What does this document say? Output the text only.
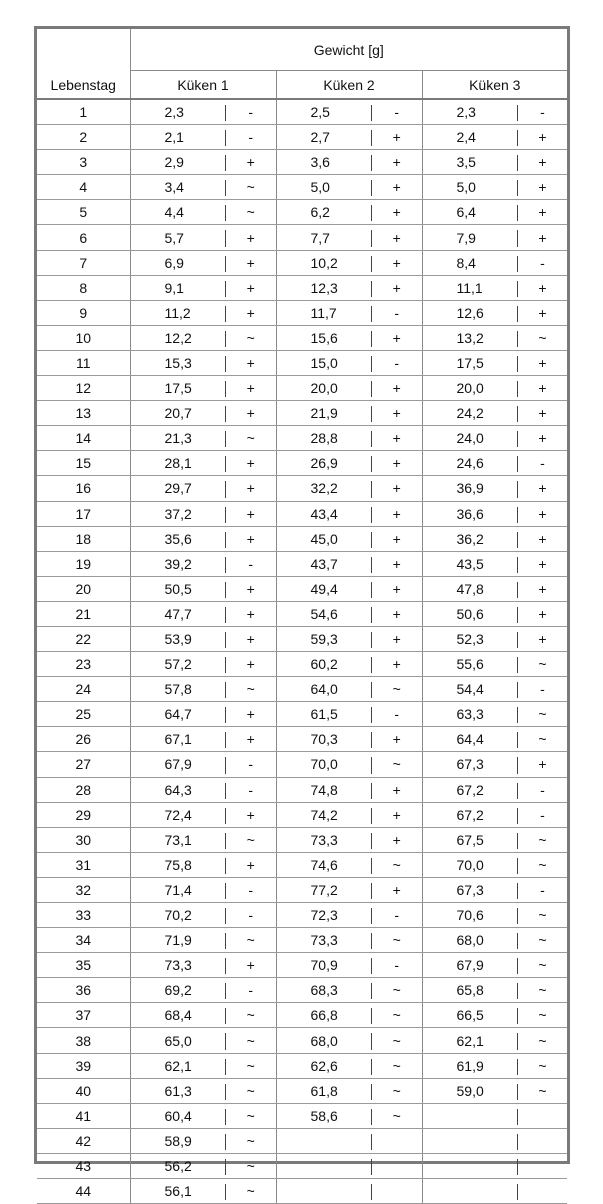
Lebenstag	Gewicht [g]					
	Küken 1		Küken 2		Küken 3	
1	2,3	-	2,5	-	2,3	-
2	2,1	-	2,7	+	2,4	+
3	2,9	+	3,6	+	3,5	+
4	3,4	~	5,0	+	5,0	+
5	4,4	~	6,2	+	6,4	+
6	5,7	+	7,7	+	7,9	+
7	6,9	+	10,2	+	8,4	-
8	9,1	+	12,3	+	11,1	+
9	11,2	+	11,7	-	12,6	+
10	12,2	~	15,6	+	13,2	~
11	15,3	+	15,0	-	17,5	+
12	17,5	+	20,0	+	20,0	+
13	20,7	+	21,9	+	24,2	+
14	21,3	~	28,8	+	24,0	+
15	28,1	+	26,9	+	24,6	-
16	29,7	+	32,2	+	36,9	+
17	37,2	+	43,4	+	36,6	+
18	35,6	+	45,0	+	36,2	+
19	39,2	-	43,7	+	43,5	+
20	50,5	+	49,4	+	47,8	+
21	47,7	+	54,6	+	50,6	+
22	53,9	+	59,3	+	52,3	+
23	57,2	+	60,2	+	55,6	~
24	57,8	~	64,0	~	54,4	-
25	64,7	+	61,5	-	63,3	~
26	67,1	+	70,3	+	64,4	~
27	67,9	-	70,0	~	67,3	+
28	64,3	-	74,8	+	67,2	-
29	72,4	+	74,2	+	67,2	-
30	73,1	~	73,3	+	67,5	~
31	75,8	+	74,6	~	70,0	~
32	71,4	-	77,2	+	67,3	-
33	70,2	-	72,3	-	70,6	~
34	71,9	~	73,3	~	68,0	~
35	73,3	+	70,9	-	67,9	~
36	69,2	-	68,3	~	65,8	~
37	68,4	~	66,8	~	66,5	~
38	65,0	~	68,0	~	62,1	~
39	62,1	~	62,6	~	61,9	~
40	61,3	~	61,8	~	59,0	~
41	60,4	~	58,6	~	

42	58,9	~	

43	56,2	~	

44	56,1	~	
